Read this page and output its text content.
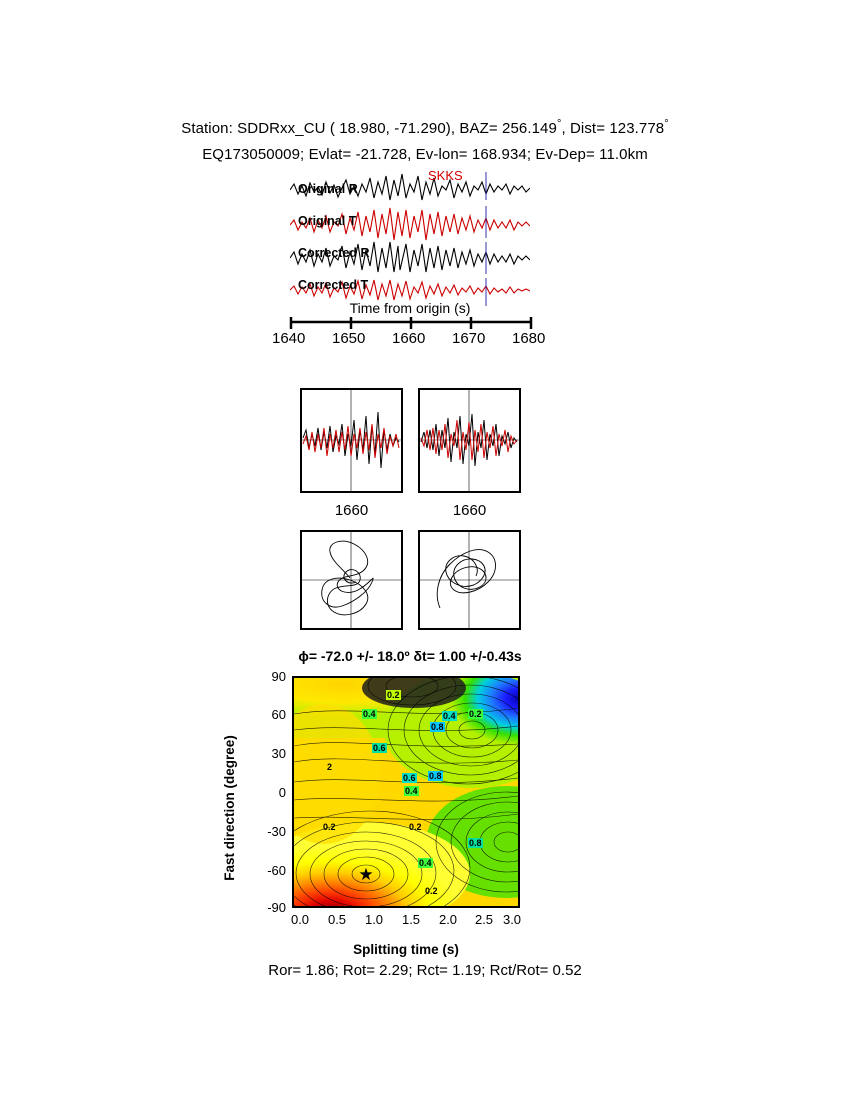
Station: SDDRxx_CU ( 18.980, -71.290), BAZ= 256.149°, Dist= 123.778°
EQ173050009; Evlat= -21.728, Ev-lon= 168.934; Ev-Dep= 11.0km
Original R
Original T
Corrected R
Corrected T
SKKS
Time from origin (s)
1640 1650 1660 1670 1680
1660	1660
ϕ= -72.0 +/- 18.0º δt= 1.00 +/-0.43s
Fast direction (degree)
90
60
30
0
-30
-60
-90
★
0.2
0.4	0.4 0.2
0.8
0.6
2
0.6 0.8
0.4
0.2	0.2
0.8
0.4
0.2
0.0 0.5 1.0 1.5 2.0 2.5 3.0
Splitting time (s)
Ror= 1.86; Rot= 2.29; Rct= 1.19; Rct/Rot= 0.52
